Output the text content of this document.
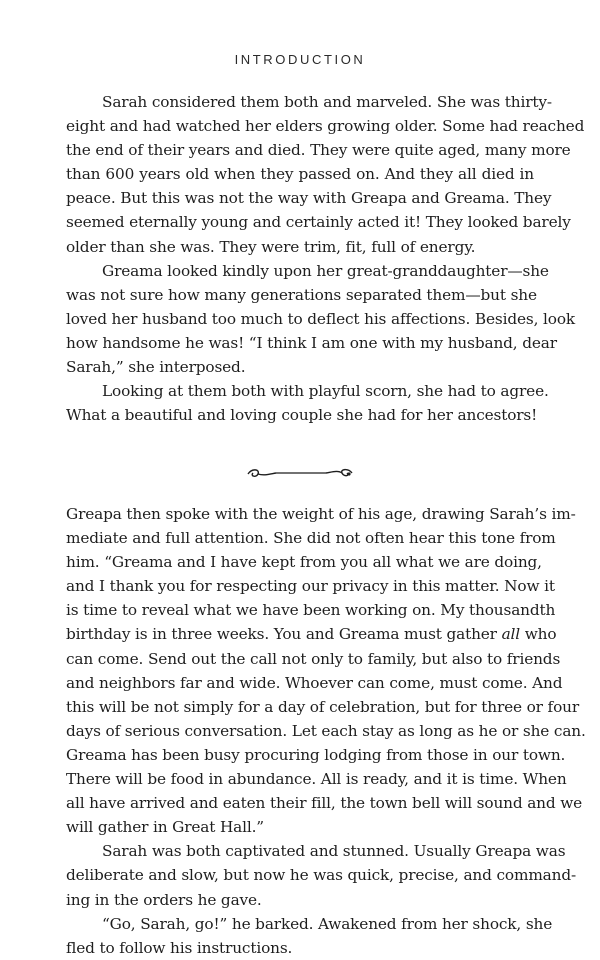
INTRODUCTION
Sarah considered them both and marveled. She was thirty-
eight and had watched her elders growing older. Some had reached
the end of their years and died. They were quite aged, many more
than 600 years old when they passed on. And they all died in
peace. But this was not the way with Greapa and Greama. They
seemed eternally young and certainly acted it! They looked barely
older than she was. They were trim, fit, full of energy.
Greama looked kindly upon her great-granddaughter—she
was not sure how many generations separated them—but she
loved her husband too much to deflect his affections. Besides, look
how handsome he was! “I think I am one with my husband, dear
Sarah,” she interposed.
Looking at them both with playful scorn, she had to agree.
What a beautiful and loving couple she had for her ancestors!
Greapa then spoke with the weight of his age, drawing Sarah’s im-
mediate and full attention. She did not often hear this tone from
him. “Greama and I have kept from you all what we are doing,
and I thank you for respecting our privacy in this matter. Now it
is time to reveal what we have been working on. My thousandth
birthday is in three weeks. You and Greama must gather all who
can come. Send out the call not only to family, but also to friends
and neighbors far and wide. Whoever can come, must come. And
this will be not simply for a day of celebration, but for three or four
days of serious conversation. Let each stay as long as he or she can.
Greama has been busy procuring lodging from those in our town.
There will be food in abundance. All is ready, and it is time. When
all have arrived and eaten their fill, the town bell will sound and we
will gather in Great Hall.”
Sarah was both captivated and stunned. Usually Greapa was
deliberate and slow, but now he was quick, precise, and command-
ing in the orders he gave.
“Go, Sarah, go!” he barked. Awakened from her shock, she
fled to follow his instructions.
